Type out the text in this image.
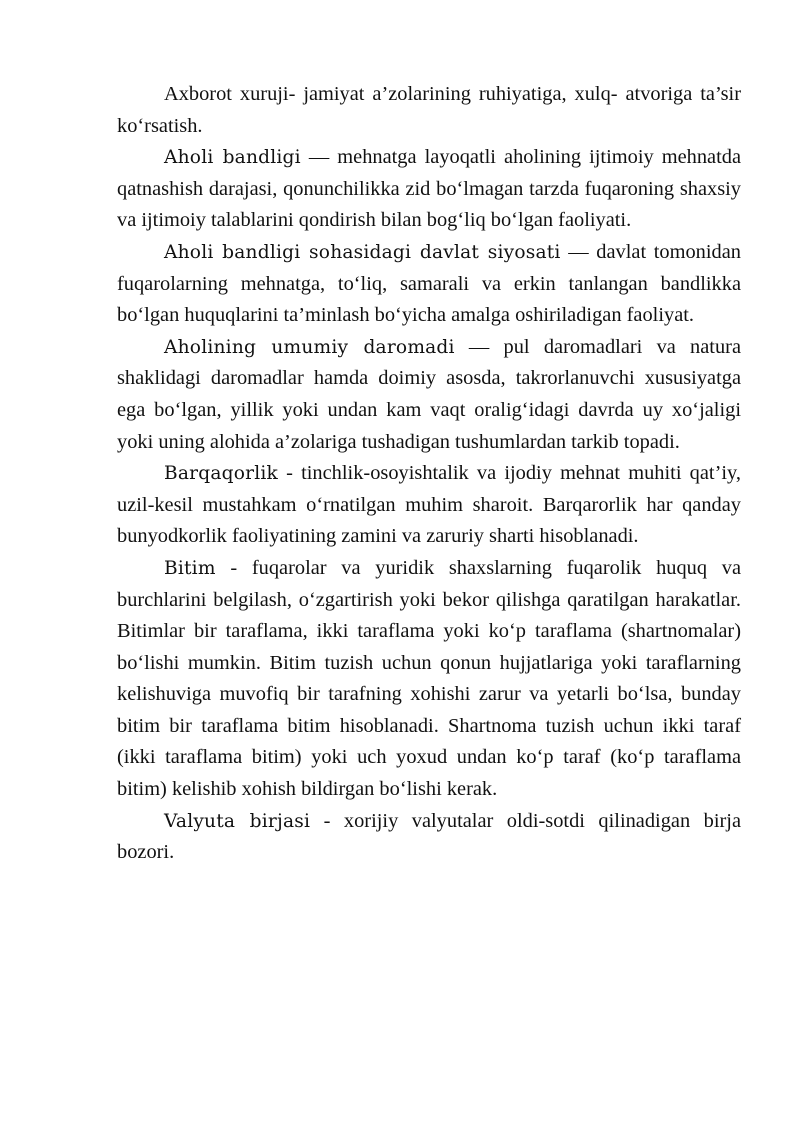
Axborot xuruji- jamiyat a’zolarining ruhiyatiga, xulq- atvoriga ta’sir ko‘rsatish.

Aholi bandligi — mehnatga layoqatli aholining ijtimoiy mehnatda qatnashish darajasi, qonunchilikka zid bo‘lmagan tarzda fuqaroning shaxsiy va ijtimoiy talablarini qondirish bilan bog‘liq bo‘lgan faoliyati.

Aholi bandligi sohasidagi davlat siyosati — davlat tomonidan fuqarolarning mehnatga, to‘liq, samarali va erkin tanlangan bandlikka bo‘lgan huquqlarini ta’minlash bo‘yicha amalga oshiriladigan faoliyat.

Aholining umumiy daromadi — pul daromadlari va natura shaklidagi daromadlar hamda doimiy asosda, takrorlanuvchi xususiyatga ega bo‘lgan, yillik yoki undan kam vaqt oralig‘idagi davrda uy xo‘jaligi yoki uning alohida a’zolariga tushadigan tushumlardan tarkib topadi.

Barqaqorlik - tinchlik-osoyishtalik va ijodiy mehnat muhiti qat’iy, uzil-kesil mustahkam o‘rnatilgan muhim sharoit. Barqarorlik har qanday bunyodkorlik faoliyatining zamini va zaruriy sharti hisoblanadi.

Bitim - fuqarolar va yuridik shaxslarning fuqarolik huquq va burchlarini belgilash, o‘zgartirish yoki bekor qilishga qaratilgan harakatlar. Bitimlar bir taraflama, ikki taraflama yoki ko‘p taraflama (shartnomalar) bo‘lishi mumkin. Bitim tuzish uchun qonun hujjatlariga yoki taraflarning kelishuviga muvofiq bir tarafning xohishi zarur va yetarli bo‘lsa, bunday bitim bir taraflama bitim hisoblanadi. Shartnoma tuzish uchun ikki taraf (ikki taraflama bitim) yoki uch yoxud undan ko‘p taraf (ko‘p taraflama bitim) kelishib xohish bildirgan bo‘lishi kerak.

Valyuta birjasi - xorijiy valyutalar oldi-sotdi qilinadigan birja bozori.
